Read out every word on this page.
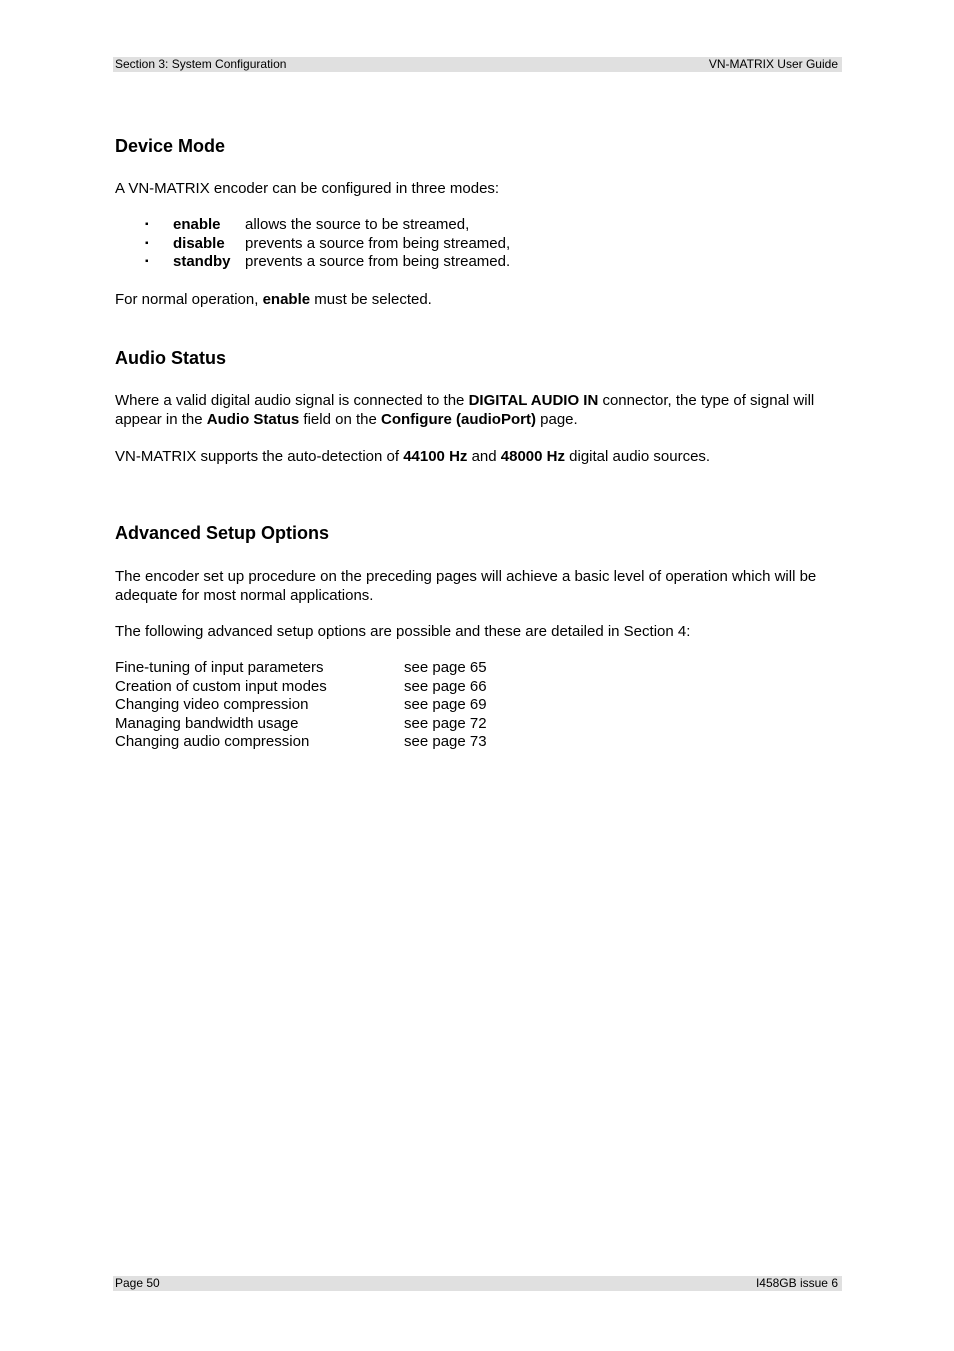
Section 3: System Configuration	VN-MATRIX User Guide
Device Mode

A VN-MATRIX encoder can be configured in three modes:

▪ enable allows the source to be streamed,
▪ disable prevents a source from being streamed,
▪ standby prevents a source from being streamed.

For normal operation, enable must be selected.

Audio Status

Where a valid digital audio signal is connected to the DIGITAL AUDIO IN connector, the type of signal will appear in the Audio Status field on the Configure (audioPort) page.

VN-MATRIX supports the auto-detection of 44100 Hz and 48000 Hz digital audio sources.

Advanced Setup Options

The encoder set up procedure on the preceding pages will achieve a basic level of operation which will be adequate for most normal applications.

The following advanced setup options are possible and these are detailed in Section 4:

Fine-tuning of input parameters	see page 65
Creation of custom input modes	see page 66
Changing video compression	see page 69
Managing bandwidth usage	see page 72
Changing audio compression	see page 73
Page 50	I458GB issue 6
